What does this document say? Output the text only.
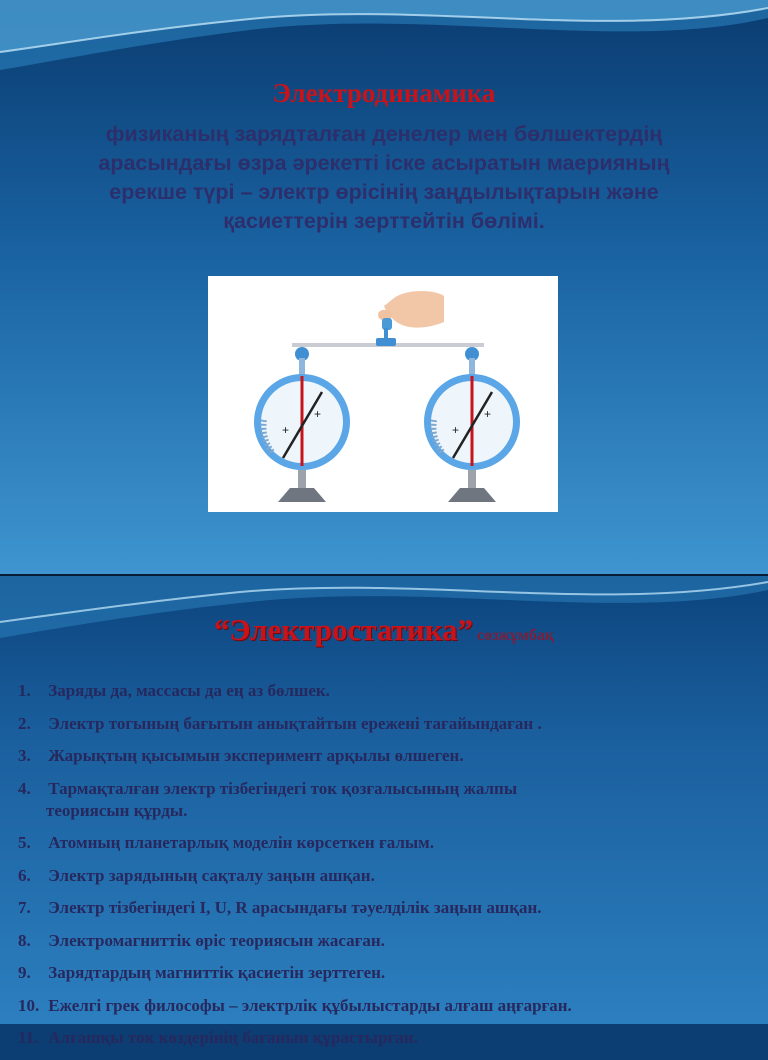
Электродинамика
физиканың зарядталған денелер мен бөлшектердің
арасындағы өзра әрекетті іске асыратын маерияның
ерекше түрі – электр өрісінің заңдылықтарын және
қасиеттерін зерттейтін бөлімі.
+
+
+
+
“Электростатика” сөзжұмбақ
1. Заряды да, массасы да ең аз бөлшек.
2. Электр тогының бағытын анықтайтын ережені тағайындаған .
3. Жарықтың қысымын эксперимент арқылы өлшеген.
4. Тармақталған электр тізбегіндегі ток қозғалысының жалпы
теориясын құрды.
5. Атомның планетарлық моделін көрсеткен ғалым.
6. Электр зарядының сақталу заңын ашқан.
7. Электр тізбегіндегі I, U, R арасындағы тәуелділік заңын ашқан.
8. Электромагниттік өріс теориясын жасаған.
9. Зарядтардың магниттік қасиетін зерттеген.
10. Ежелгі грек философы – электрлік құбылыстарды алғаш аңғарған.
11. Алғашқы ток көздерінің бағанын құрастырған.
